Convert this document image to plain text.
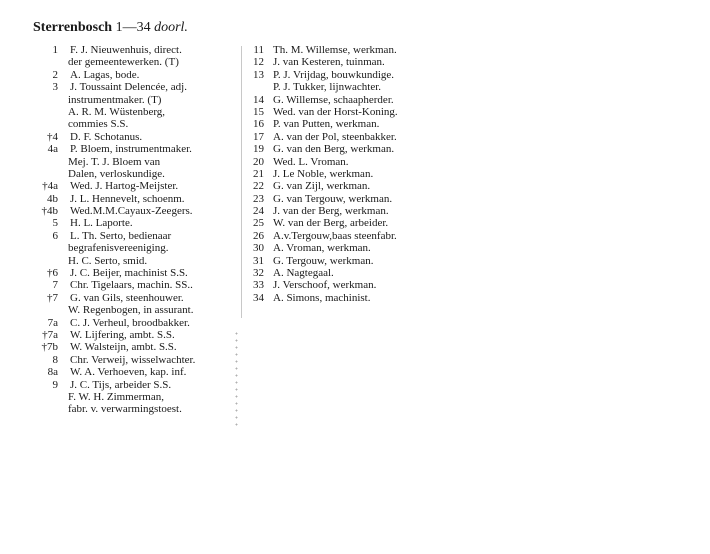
Sterrenbosch 1—34 doorl.
1 F. J. Nieuwenhuis, direct.
der gemeentewerken. (T)
2 A. Lagas, bode.
3 J. Toussaint Delencée, adj.
instrumentmaker. (T)
A. R. M. Wüstenberg,
commies S.S.
†4 D. F. Schotanus.
4a P. Bloem, instrumentmaker.
Mej. T. J. Bloem van
Dalen, verloskundige.
†4a Wed. J. Hartog-Meijster.
4b J. L. Hennevelt, schoenm.
†4b Wed.M.M.Cayaux-Zeegers.
5 H. L. Laporte.
6 L. Th. Serto, bedienaar
begrafenisvereeniging.
H. C. Serto, smid.
†6 J. C. Beijer, machinist S.S.
7 Chr. Tigelaars, machin. SS..
†7 G. van Gils, steenhouwer.
W. Regenbogen, in assurant.
7a C. J. Verheul, broodbakker.
†7a W. Lijfering, ambt. S.S.
†7b W. Walsteijn, ambt. S.S.
8 Chr. Verweij, wisselwachter.
8a W. A. Verhoeven, kap. inf.
9 J. C. Tijs, arbeider S.S.
F. W. H. Zimmerman,
fabr. v. verwarmingstoest.
11 Th. M. Willemse, werkman.
12 J. van Kesteren, tuinman.
13 P. J. Vrijdag, bouwkundige.
P. J. Tukker, lijnwachter.
14 G. Willemse, schaapherder.
15 Wed. van der Horst-Koning.
16 P. van Putten, werkman.
17 A. van der Pol, steenbakker.
19 G. van den Berg, werkman.
20 Wed. L. Vroman.
21 J. Le Noble, werkman.
22 G. van Zijl, werkman.
23 G. van Tergouw, werkman.
24 J. van der Berg, werkman.
25 W. van der Berg, arbeider.
26 A.v.Tergouw,baas steenfabr.
30 A. Vroman, werkman.
31 G. Tergouw, werkman.
32 A. Nagtegaal.
33 J. Verschoof, werkman.
34 A. Simons, machinist.
